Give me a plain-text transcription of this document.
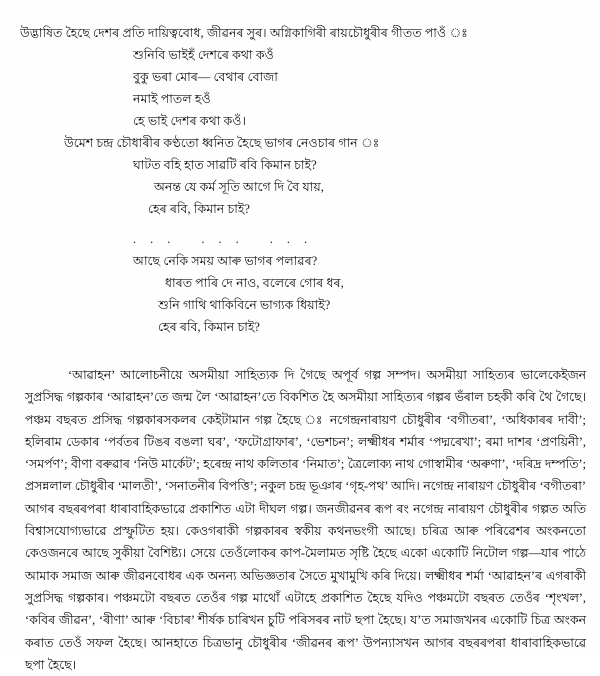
উদ্ভাষিত হৈছে দেশৰ প্ৰতি দায়িত্ববোধ, জীৱনৰ সুৰ। অগ্নিকাগিৰী ৰায়চৌধুৰীৰ গীতত পাওঁ ঃ
শুনিবি ভাইহঁ দেশৰে কথা কওঁ
বুকু ভৰা মোৰ— বেথাৰ বোজা
নমাই পাতল হওঁ
হে ভাই দেশৰ কথা কওঁ।
উমেশ চন্দ্ৰ চৌধাৰীৰ কণ্ঠতো ধ্বনিত হৈছে ভাগৰ নেওচাৰ গান ঃ
ঘাটত বহি হাত সাৱটি ৰবি কিমান চাই?
অনন্ত যে কৰ্ম সূতি আগে দি বৈ যায়,
হেৰ ৰবি, কিমান চাই?
... ... ...
আছে নেকি সময় আৰু ভাগৰ পলাৱৰ?
ধাৰত পাৰি দে নাও, বলেৰে গোৰ ধৰ,
শুনি গাথি থাকিবিনে ভাগ্যক ধিয়াই?
হেৰ ৰবি, কিমান চাই?

‘আৱাহন’ আলোচনীয়ে অসমীয়া সাহিত্যক দি গৈছে অপূৰ্ব গল্প সম্পদ। অসমীয়া সাহিত্যৰ ভালেকেইজন সুপ্ৰসিদ্ধ গল্পকাৰ ‘আৱাহন’তে জন্ম লৈ ‘আৱাহন’তে বিকশিত হৈ অসমীয়া সাহিত্যৰ গল্পৰ ভঁৰাল চহকী কৰি থৈ গৈছে। পঞ্চম বছৰত প্ৰসিদ্ধ গল্পকাৰসকলৰ কেইটামান গল্প হৈছে ঃ নগেন্দ্ৰনাৰায়ণ চৌধুৰীৰ ‘বগীতৰা’, ‘অধিকাৰৰ দাবী’; হলিৰাম ডেকাৰ ‘পৰ্বতৰ টিঙৰ বঙলা ঘৰ’, ‘ফটোগ্ৰাফাৰ’, ‘ভেশচন’; লক্ষ্মীধৰ শৰ্মাৰ ‘পদ্মৰেখা’; ৰমা দাশৰ ‘প্ৰণয়িনী’, ‘সমৰ্পণ’; বীণা বৰুৱাৰ ‘নিউ মাৰ্কেট’; হৰেন্দ্ৰ নাথ কলিতাৰ ‘নিমাত’; ত্ৰৈলোক্য নাথ গোস্বামীৰ ‘অৰুণা’, ‘দৰিদ্ৰ দম্পতি’; প্ৰসন্নলাল চৌধুৰীৰ ‘মালতী’, ‘সনাতনীৰ বিপত্তি’; নকুল চন্দ্ৰ ভূঞাৰ ‘গৃহ-পথ’ আদি। নগেন্দ্ৰ নাৰায়ণ চৌধুৰীৰ ‘বগীতৰা’ আগৰ বছৰৰপৰা ধাৰাবাহিকভাৱে প্ৰকাশিত এটা দীঘল গল্প। জনজীৱনৰ ৰূপ ৰং নগেন্দ্ৰ নাৰায়ণ চৌধুৰীৰ গল্পত অতি বিশ্বাসযোগ্যভাৱে প্ৰস্ফুটিত হয়। কেওগৰাকী গল্পকাৰৰ স্বকীয় কথনভংগী আছে। চৰিত্ৰ আৰু পৰিৱেশৰ অংকনতো কেওজনৰে আছে সুকীয়া বৈশিষ্ট্য। সেয়ে তেওঁলোকৰ কাপ-মৈলামত সৃষ্টি হৈছে একো একোটি নিটোল গল্প—যাৰ পাঠে আমাক সমাজ আৰু জীৱনবোধৰ এক অনন্য অভিজ্ঞতাৰ সৈতে মুখামুখি কৰি দিয়ে। লক্ষ্মীধৰ শৰ্মা ‘আৱাহন’ৰ এগৰাকী সুপ্ৰসিদ্ধ গল্পকাৰ। পঞ্চমটো বছৰত তেওঁৰ গল্প মাথোঁ এটাহে প্ৰকাশিত হৈছে যদিও পঞ্চমটো বছৰত তেওঁৰ ‘শৃংখল’, ‘কবিৰ জীৱন’, ‘ৰীণা’ আৰু ‘বিচাৰ’ শীৰ্ষক চাৰিখন চুটি পৰিসৰৰ নাট ছপা হৈছে। য’ত সমাজখনৰ একোটি চিত্ৰ অংকন কৰাত তেওঁ সফল হৈছে। আনহাতে চিত্ৰভানু চৌধুৰীৰ ‘জীৱনৰ ৰূপ’ উপন্যাসখন আগৰ বছৰৰপৰা ধাৰাবাহিকভাৱে ছপা হৈছে।
